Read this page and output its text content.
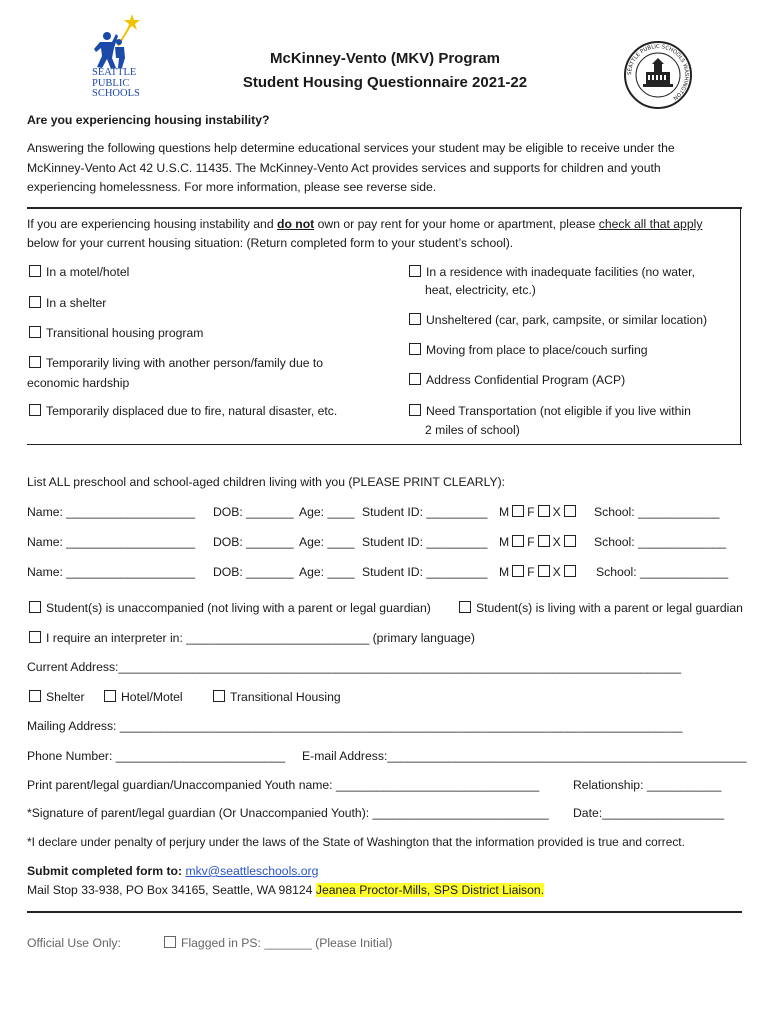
SEATTLE
PUBLIC
SCHOOLS
McKinney-Vento (MKV) Program
Student Housing Questionnaire 2021-22
SEATTLE PUBLIC SCHOOLS WASHINGTON
Are you experiencing housing instability?
Answering the following questions help determine educational services your student may be eligible to receive under the
McKinney-Vento Act 42 U.S.C. 11435. The McKinney-Vento Act provides services and supports for children and youth
experiencing homelessness. For more information, please see reverse side.
If you are experiencing housing instability and do not own or pay rent for your home or apartment, please check all that apply
below for your current housing situation: (Return completed form to your student’s school).
In a motel/hotel
In a shelter
Transitional housing program
Temporarily living with another person/family due to
economic hardship
Temporarily displaced due to fire, natural disaster, etc.
In a residence with inadequate facilities (no water,
heat, electricity, etc.)
Unsheltered (car, park, campsite, or similar location)
Moving from place to place/couch surfing
Address Confidential Program (ACP)
Need Transportation (not eligible if you live within
2 miles of school)
List ALL preschool and school-aged children living with you (PLEASE PRINT CLEARLY):
Name: ___________________ DOB: _______ Age: ____ Student ID: _________ M F X	School: ____________
Name: ___________________ DOB: _______ Age: ____ Student ID: _________ M F X	School: _____________
Name: ___________________ DOB: _______ Age: ____ Student ID: _________ M F X	School: _____________
Student(s) is unaccompanied (not living with a parent or legal guardian)	Student(s) is living with a parent or legal guardian
I require an interpreter in: ___________________________ (primary language)
Current Address:___________________________________________________________________________________
Shelter	Hotel/Motel	Transitional Housing
Mailing Address: ___________________________________________________________________________________
Phone Number: _________________________ E-mail Address:_____________________________________________________
Print parent/legal guardian/Unaccompanied Youth name: ______________________________	Relationship: ___________
*Signature of parent/legal guardian (Or Unaccompanied Youth): __________________________ Date:__________________
*I declare under penalty of perjury under the laws of the State of Washington that the information provided is true and correct.
Submit completed form to: mkv@seattleschools.org
Mail Stop 33-938, PO Box 34165, Seattle, WA 98124 Jeanea Proctor-Mills, SPS District Liaison.
Official Use Only:	Flagged in PS: _______ (Please Initial)
